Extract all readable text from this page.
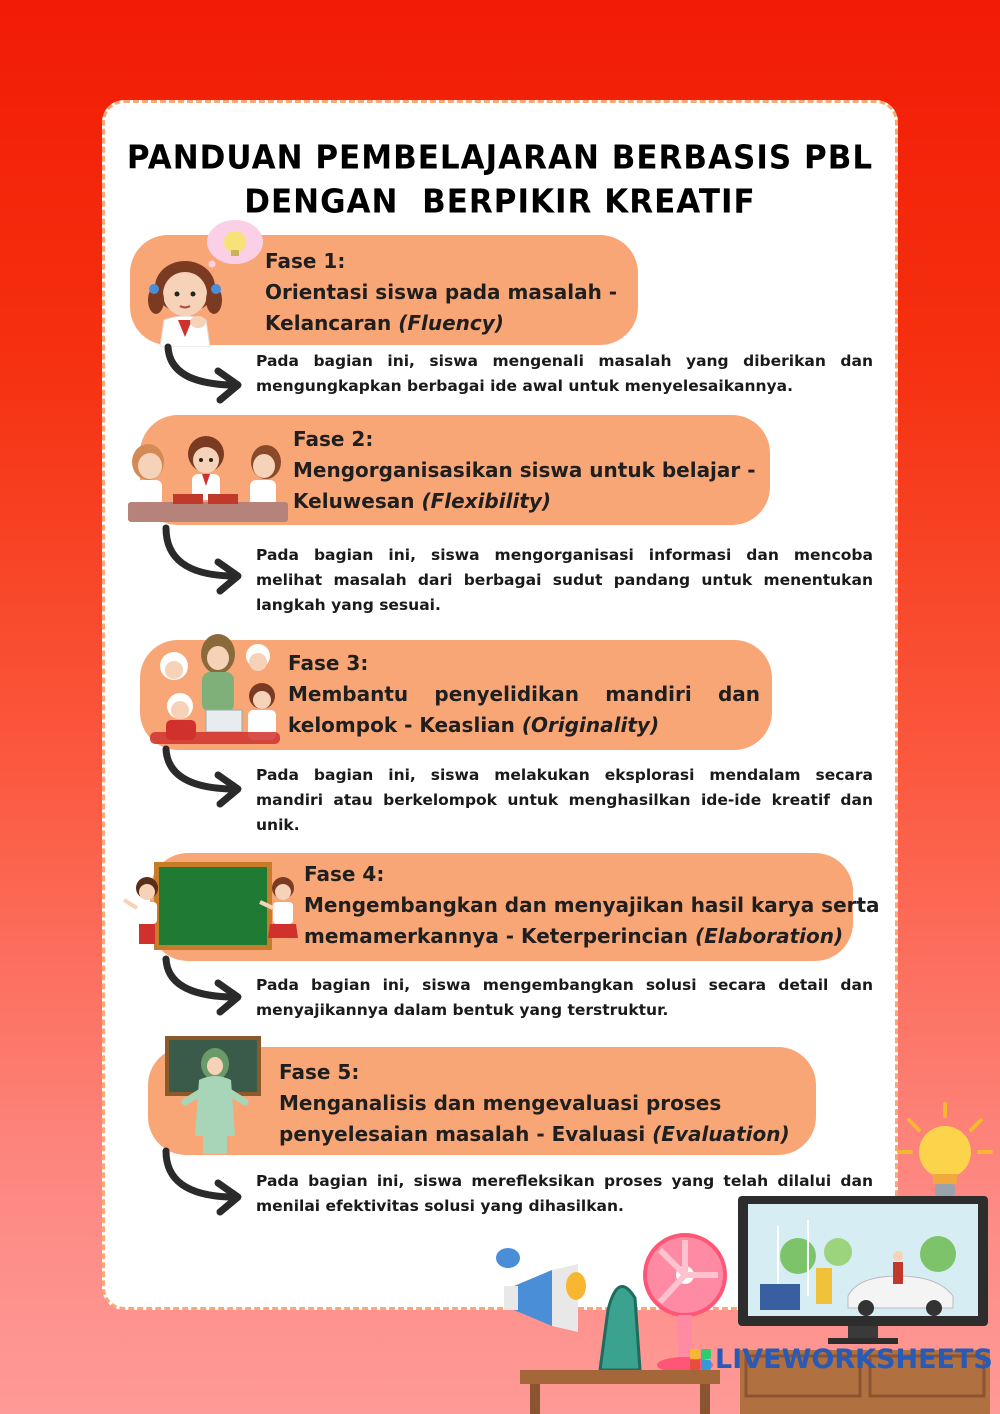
PANDUAN PEMBELAJARAN BERBASIS PBL
DENGAN  BERPIKIR KREATIF
Fase 1:
Orientasi siswa pada masalah -
Kelancaran (Fluency)
Pada bagian ini, siswa mengenali masalah yang diberikan dan mengungkapkan berbagai ide awal untuk menyelesaikannya.
Fase 2:
Mengorganisasikan siswa untuk belajar -
Keluwesan (Flexibility)
Pada bagian ini, siswa mengorganisasi informasi dan mencoba melihat masalah dari berbagai sudut pandang untuk menentukan langkah yang sesuai.
Fase 3:
Membantu penyelidikan mandiri dan
kelompok - Keaslian (Originality)
Pada bagian ini, siswa melakukan eksplorasi mendalam secara mandiri atau berkelompok untuk menghasilkan ide-ide kreatif dan unik.
Fase 4:
Mengembangkan dan menyajikan hasil karya serta
memamerkannya - Keterperincian (Elaboration)
Pada bagian ini, siswa mengembangkan solusi secara detail dan menyajikannya dalam bentuk yang terstruktur.
Fase 5:
Menganalisis dan mengevaluasi proses
penyelesaian masalah - Evaluasi (Evaluation)
Pada bagian ini, siswa merefleksikan proses yang telah dilalui dan menilai efektivitas solusi yang dihasilkan.
LIVEWORKSHEETS
